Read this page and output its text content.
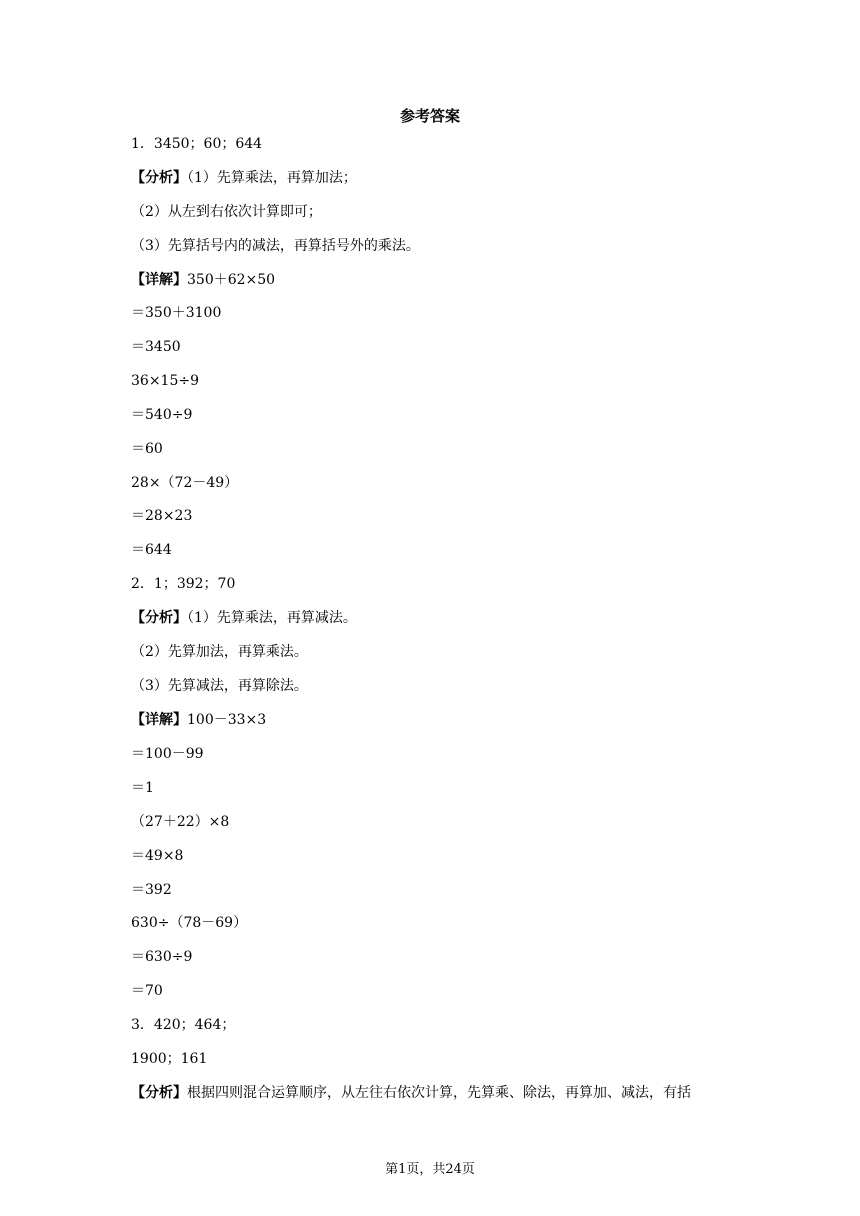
参考答案
1．3450；60；644
【分析】（1）先算乘法，再算加法；
（2）从左到右依次计算即可；
（3）先算括号内的减法，再算括号外的乘法。
【详解】350＋62×50
＝350＋3100
＝3450
36×15÷9
＝540÷9
＝60
28×（72－49）
＝28×23
＝644
2．1；392；70
【分析】（1）先算乘法，再算减法。
（2）先算加法，再算乘法。
（3）先算减法，再算除法。
【详解】100－33×3
＝100－99
＝1
（27＋22）×8
＝49×8
＝392
630÷（78－69）
＝630÷9
＝70
3．420；464；
1900；161
【分析】根据四则混合运算顺序，从左往右依次计算，先算乘、除法，再算加、减法，有括
第1页，共24页
